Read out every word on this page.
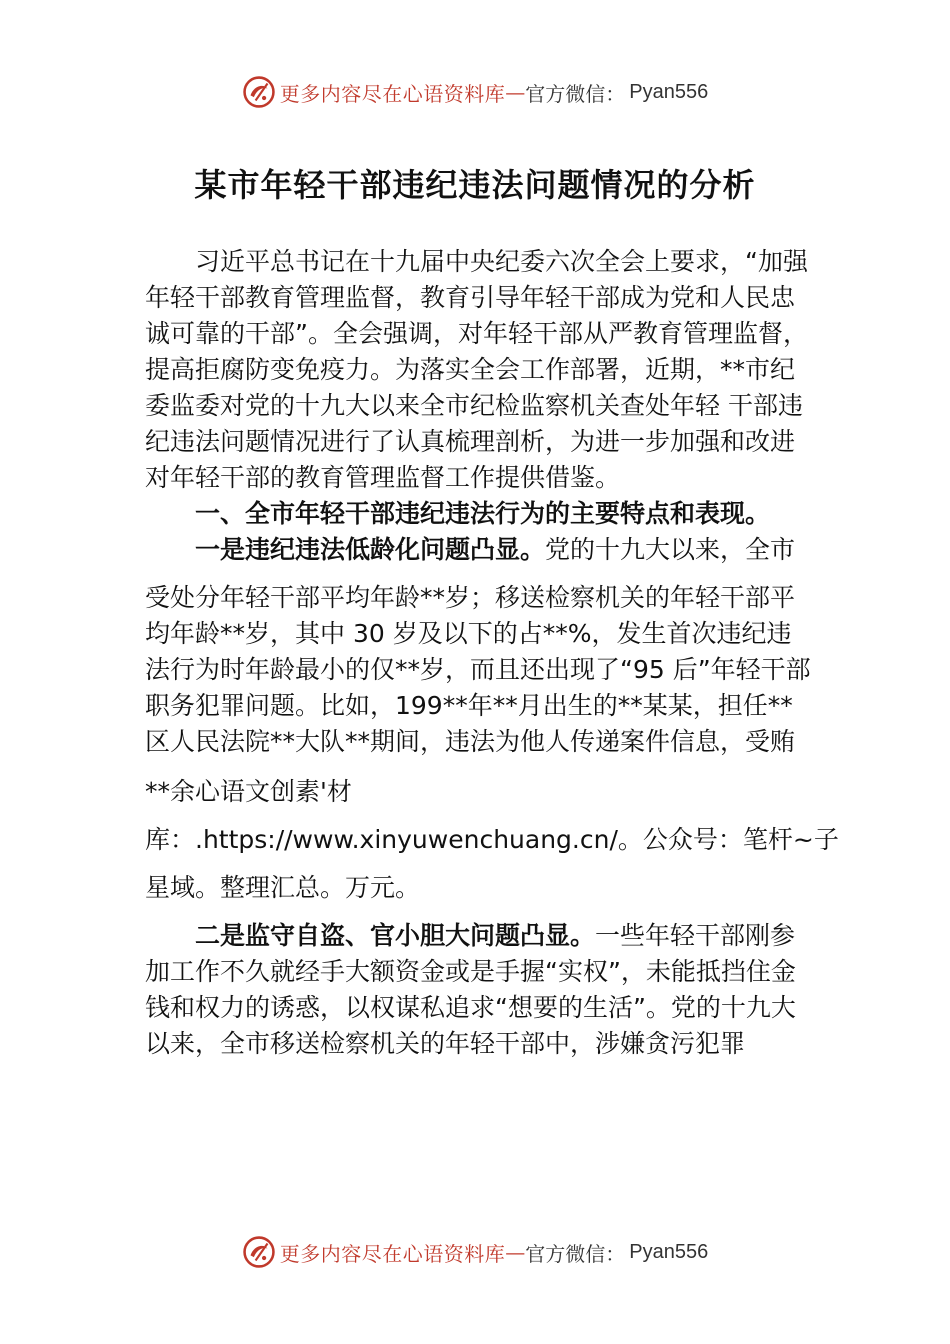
更多内容尽在心语资料库 — 官方微信： Pyan556
某市年轻干部违纪违法问题情况的分析

习近平总书记在十九届中央纪委六次全会上要求，“加强年轻干部教育管理监督，教育引导年轻干部成为党和人民忠诚可靠的干部”。全会强调，对年轻干部从严教育管理监督，提高拒腐防变免疫力。为落实全会工作部署，近期，**市纪委监委对党的十九大以来全市纪检监察机关查处年轻 干部违纪违法问题情况进行了认真梳理剖析，为进一步加强和改进对年轻干部的教育管理监督工作提供借鉴。

一、全市年轻干部违纪违法行为的主要特点和表现。

一是违纪违法低龄化问题凸显。党的十九大以来，全市

受处分年轻干部平均年龄**岁；移送检察机关的年轻干部平均年龄**岁，其中 30 岁及以下的占**%，发生首次违纪违法行为时年龄最小的仅**岁，而且还出现了“95 后”年轻干部职务犯罪问题。比如，199**年**月出生的**某某，担任**区人民法院**大队**期间，违法为他人传递案件信息，受贿

**余心语文创素'材库：.https://www.xinyuwenchuang.cn/。公众号：笔杆~子星域。整理汇总。万元。

二是监守自盗、官小胆大问题凸显。一些年轻干部刚参加工作不久就经手大额资金或是手握“实权”，未能抵挡住金钱和权力的诱惑，以权谋私追求“想要的生活”。党的十九大以来，全市移送检察机关的年轻干部中，涉嫌贪污犯罪

更多内容尽在心语资料库 — 官方微信： Pyan556
